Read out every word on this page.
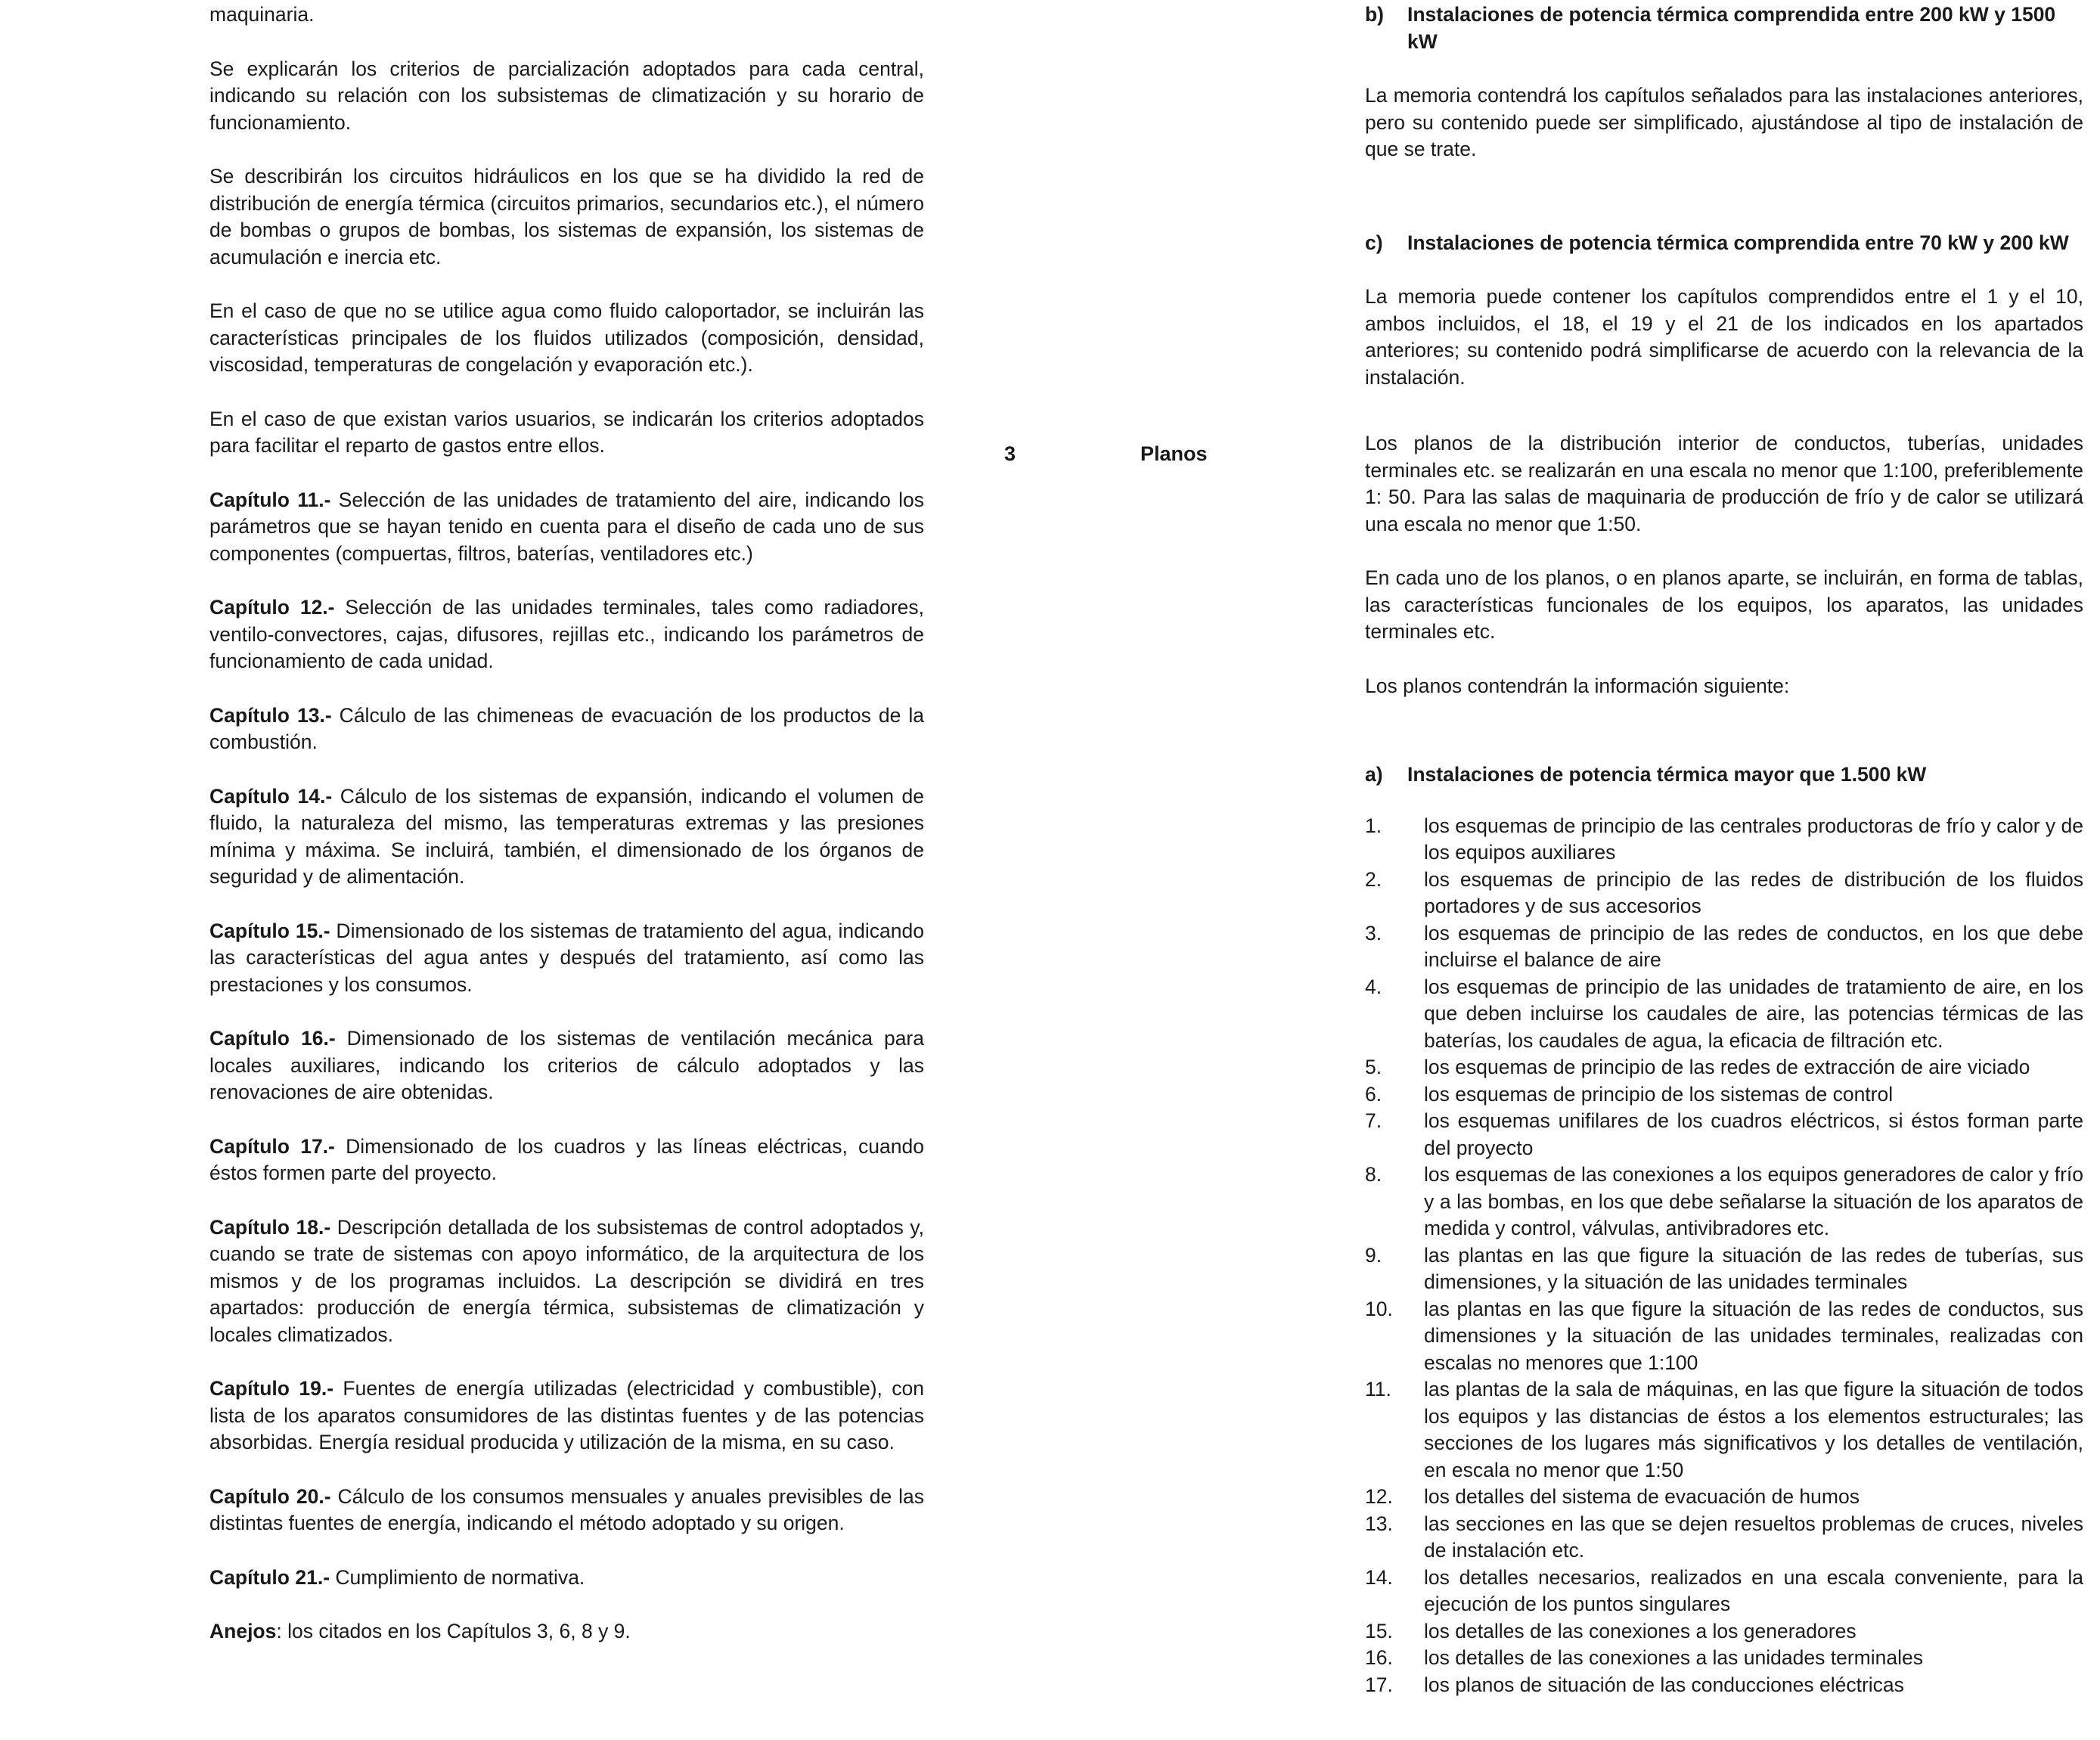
maquinaria.

Se explicarán los criterios de parcialización adoptados para cada central, indicando su relación con los subsistemas de climatización y su horario de funcionamiento.

Se describirán los circuitos hidráulicos en los que se ha dividido la red de distribución de energía térmica (circuitos primarios, secundarios etc.), el número de bombas o grupos de bombas, los sistemas de expansión, los sistemas de acumulación e inercia etc.

En el caso de que no se utilice agua como fluido caloportador, se incluirán las características principales de los fluidos utilizados (composición, densidad, viscosidad, temperaturas de congelación y evaporación etc.).

En el caso de que existan varios usuarios, se indicarán los criterios adoptados para facilitar el reparto de gastos entre ellos.

Capítulo 11.- Selección de las unidades de tratamiento del aire, indicando los parámetros que se hayan tenido en cuenta para el diseño de cada uno de sus componentes (compuertas, filtros, baterías, ventiladores etc.)

Capítulo 12.- Selección de las unidades terminales, tales como radiadores, ventilo-convectores, cajas, difusores, rejillas etc., indicando los parámetros de funcionamiento de cada unidad.

Capítulo 13.- Cálculo de las chimeneas de evacuación de los productos de la combustión.

Capítulo 14.- Cálculo de los sistemas de expansión, indicando el volumen de fluido, la naturaleza del mismo, las temperaturas extremas y las presiones mínima y máxima. Se incluirá, también, el dimensionado de los órganos de seguridad y de alimentación.

Capítulo 15.- Dimensionado de los sistemas de tratamiento del agua, indicando las características del agua antes y después del tratamiento, así como las prestaciones y los consumos.

Capítulo 16.- Dimensionado de los sistemas de ventilación mecánica para locales auxiliares, indicando los criterios de cálculo adoptados y las renovaciones de aire obtenidas.

Capítulo 17.- Dimensionado de los cuadros y las líneas eléctricas, cuando éstos formen parte del proyecto.

Capítulo 18.- Descripción detallada de los subsistemas de control adoptados y, cuando se trate de sistemas con apoyo informático, de la arquitectura de los mismos y de los programas incluidos. La descripción se dividirá en tres apartados: producción de energía térmica, subsistemas de climatización y locales climatizados.

Capítulo 19.- Fuentes de energía utilizadas (electricidad y combustible), con lista de los aparatos consumidores de las distintas fuentes y de las potencias absorbidas. Energía residual producida y utilización de la misma, en su caso.

Capítulo 20.- Cálculo de los consumos mensuales y anuales previsibles de las distintas fuentes de energía, indicando el método adoptado y su origen.

Capítulo 21.- Cumplimiento de normativa.

Anejos: los citados en los Capítulos 3, 6, 8 y 9.

3	Planos
b)	Instalaciones de potencia térmica comprendida entre 200 kW y 1500 kW

La memoria contendrá los capítulos señalados para las instalaciones anteriores, pero su contenido puede ser simplificado, ajustándose al tipo de instalación de que se trate.

c)	Instalaciones de potencia térmica comprendida entre 70 kW y 200 kW

La memoria puede contener los capítulos comprendidos entre el 1 y el 10, ambos incluidos, el 18, el 19 y el 21 de los indicados en los apartados anteriores; su contenido podrá simplificarse de acuerdo con la relevancia de la instalación.

Los planos de la distribución interior de conductos, tuberías, unidades terminales etc. se realizarán en una escala no menor que 1:100, preferiblemente 1: 50. Para las salas de maquinaria de producción de frío y de calor se utilizará una escala no menor que 1:50.

En cada uno de los planos, o en planos aparte, se incluirán, en forma de tablas, las características funcionales de los equipos, los aparatos, las unidades terminales etc.

Los planos contendrán la información siguiente:

a)	Instalaciones de potencia térmica mayor que 1.500 kW
1.	los esquemas de principio de las centrales productoras de frío y calor y de los equipos auxiliares
2.	los esquemas de principio de las redes de distribución de los fluidos portadores y de sus accesorios
3.	los esquemas de principio de las redes de conductos, en los que debe incluirse el balance de aire
4.	los esquemas de principio de las unidades de tratamiento de aire, en los que deben incluirse los caudales de aire, las potencias térmicas de las baterías, los caudales de agua, la eficacia de filtración etc.
5.	los esquemas de principio de las redes de extracción de aire viciado
6.	los esquemas de principio de los sistemas de control
7.	los esquemas unifilares de los cuadros eléctricos, si éstos forman parte del proyecto
8.	los esquemas de las conexiones a los equipos generadores de calor y frío y a las bombas, en los que debe señalarse la situación de los aparatos de medida y control, válvulas, antivibradores etc.
9.	las plantas en las que figure la situación de las redes de tuberías, sus dimensiones, y la situación de las unidades terminales
10.	las plantas en las que figure la situación de las redes de conductos, sus dimensiones y la situación de las unidades terminales, realizadas con escalas no menores que 1:100
11.	las plantas de la sala de máquinas, en las que figure la situación de todos los equipos y las distancias de éstos a los elementos estructurales; las secciones de los lugares más significativos y los detalles de ventilación, en escala no menor que 1:50
12.	los detalles del sistema de evacuación de humos
13.	las secciones en las que se dejen resueltos problemas de cruces, niveles de instalación etc.
14.	los detalles necesarios, realizados en una escala conveniente, para la ejecución de los puntos singulares
15.	los detalles de las conexiones a los generadores
16.	los detalles de las conexiones a las unidades terminales
17.	los planos de situación de las conducciones eléctricas
